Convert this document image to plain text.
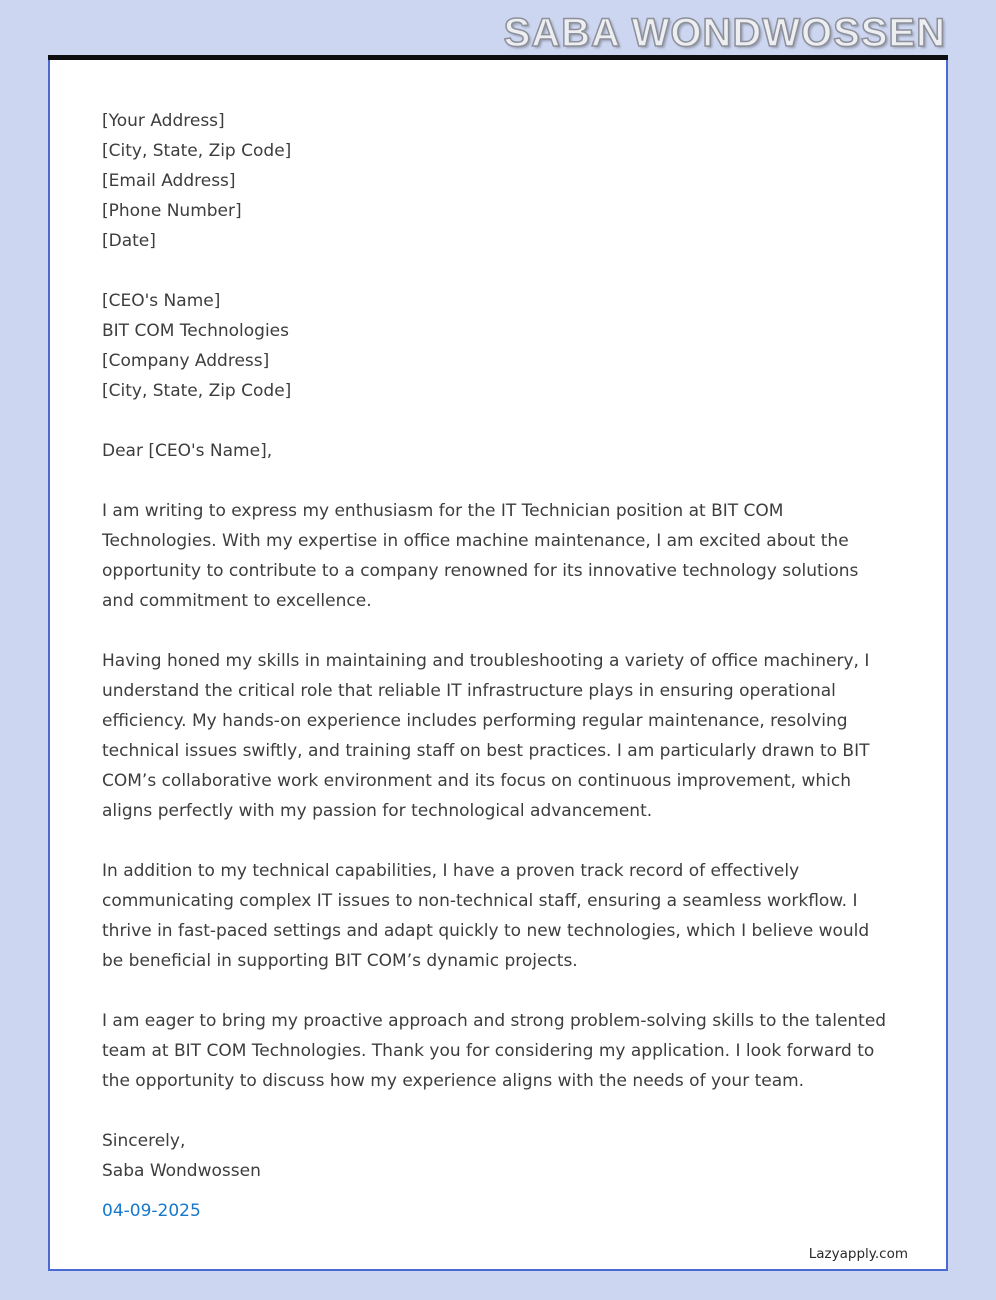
SABA WONDWOSSEN

[Your Address]

[City, State, Zip Code]

[Email Address]

[Phone Number]

[Date]

[CEO's Name]

BIT COM Technologies

[Company Address]

[City, State, Zip Code]

Dear [CEO's Name],

I am writing to express my enthusiasm for the IT Technician position at BIT COM Technologies. With my expertise in office machine maintenance, I am excited about the opportunity to contribute to a company renowned for its innovative technology solutions and commitment to excellence.

Having honed my skills in maintaining and troubleshooting a variety of office machinery, I understand the critical role that reliable IT infrastructure plays in ensuring operational efficiency. My hands-on experience includes performing regular maintenance, resolving technical issues swiftly, and training staff on best practices. I am particularly drawn to BIT COM’s collaborative work environment and its focus on continuous improvement, which aligns perfectly with my passion for technological advancement.

In addition to my technical capabilities, I have a proven track record of effectively communicating complex IT issues to non-technical staff, ensuring a seamless workflow. I thrive in fast-paced settings and adapt quickly to new technologies, which I believe would be beneficial in supporting BIT COM’s dynamic projects.

I am eager to bring my proactive approach and strong problem-solving skills to the talented team at BIT COM Technologies. Thank you for considering my application. I look forward to the opportunity to discuss how my experience aligns with the needs of your team.

Sincerely,

Saba Wondwossen

04-09-2025

Lazyapply.com
